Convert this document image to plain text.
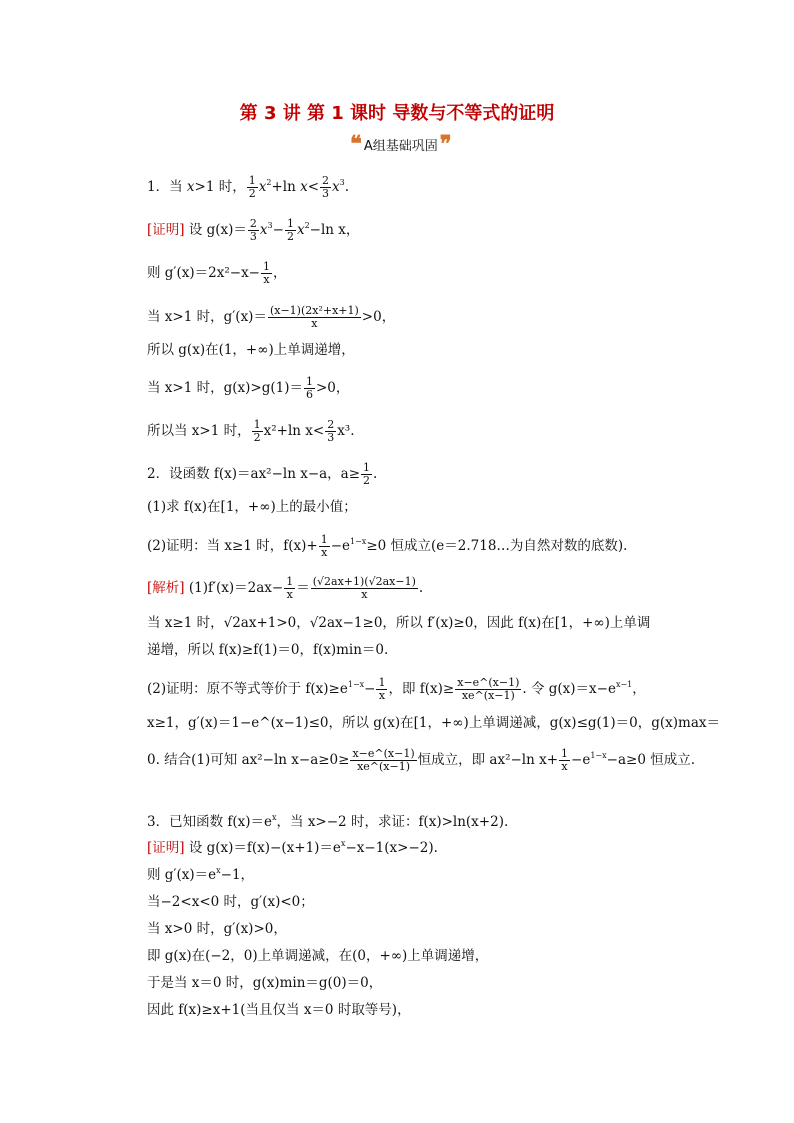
第 3 讲 第 1 课时 导数与不等式的证明
❝ A组基础巩固 ❞
1．当 x>1 时， $\frac{1}{2} x^2+\ln$ $x< \frac{2}{3} x^3$.
[证明] 设 $g(x)= \frac{2}{3} x^3- \frac{1}{2} x^2-\ln$ x，
则 $g'(x)=2x^2-x- \frac{1}{x}$ ，
当 x>1 时，$g'(x)= \frac{\text{(x−1)(2x²+x+1)}}{x} >0$，
所以 g(x)在(1，+∞)上单调递增，
当 x>1 时，$g(x)>g(1)= \frac{1}{6} >0$，
所以当 x>1 时， $\frac{1}{2} x^2+\ln$ $x< \frac{2}{3} x^3$.
2．设函数 f(x)＝ax²−ln x−a，$a\ge \frac{1}{2}$ .
(1)求 f(x)在[1，+∞)上的最小值；
(2)证明：当 x≥1 时，$f(x)+ \frac{1}{x} -e^{1-x}\ge 0$ 恒成立(e＝2.718…为自然对数的底数).
[解析] $(1)f'(x)=2ax- \frac{1}{x} = \frac{(√2ax+1)(√2ax-1)}{x}$ .
当 x≥1 时，√2ax+1>0，√2ax−1≥0，所以 f′(x)≥0，因此 f(x)在[1，+∞)上单调
递增，所以 f(x)≥f(1)＝0，f(x)min＝0.
(2)证明：原不等式等价于 $f(x)\ge e^{1-x}- \frac{1}{x}$ ，即 $f(x)\ge \frac{x-e\^{}(x-1)}{xe\^{}(x-1)}$ . 令 $g(x)=x-e^{x-1}$，
x≥1，g′(x)＝1−e^(x−1)≤0，所以 g(x)在[1，+∞)上单调递减，g(x)≤g(1)＝0，g(x)max＝
0. 结合(1)可知 ax²−ln $x-a\ge 0\ge \frac{x-e\^{}(x-1)}{xe\^{}(x-1)}$ 恒成立，即 ax²−ln $x+ \frac{1}{x} -e^{1-x}-a\ge 0$ 恒成立.
3．已知函数 $f(x)=e^x$，当 x>−2 时，求证：f(x)>ln(x+2).
[证明] 设 $g(x)=f(x)-(x+1)=e^x-x-1(x>-2)$.
则 $g'(x)=e^x-1$，
当−2<x<0 时，g′(x)<0；
当 x>0 时，g′(x)>0，
即 g(x)在(−2，0)上单调递减，在(0，+∞)上单调递增，
于是当 x＝0 时，g(x)min＝g(0)＝0，
因此 f(x)≥x+1(当且仅当 x＝0 时取等号)，
